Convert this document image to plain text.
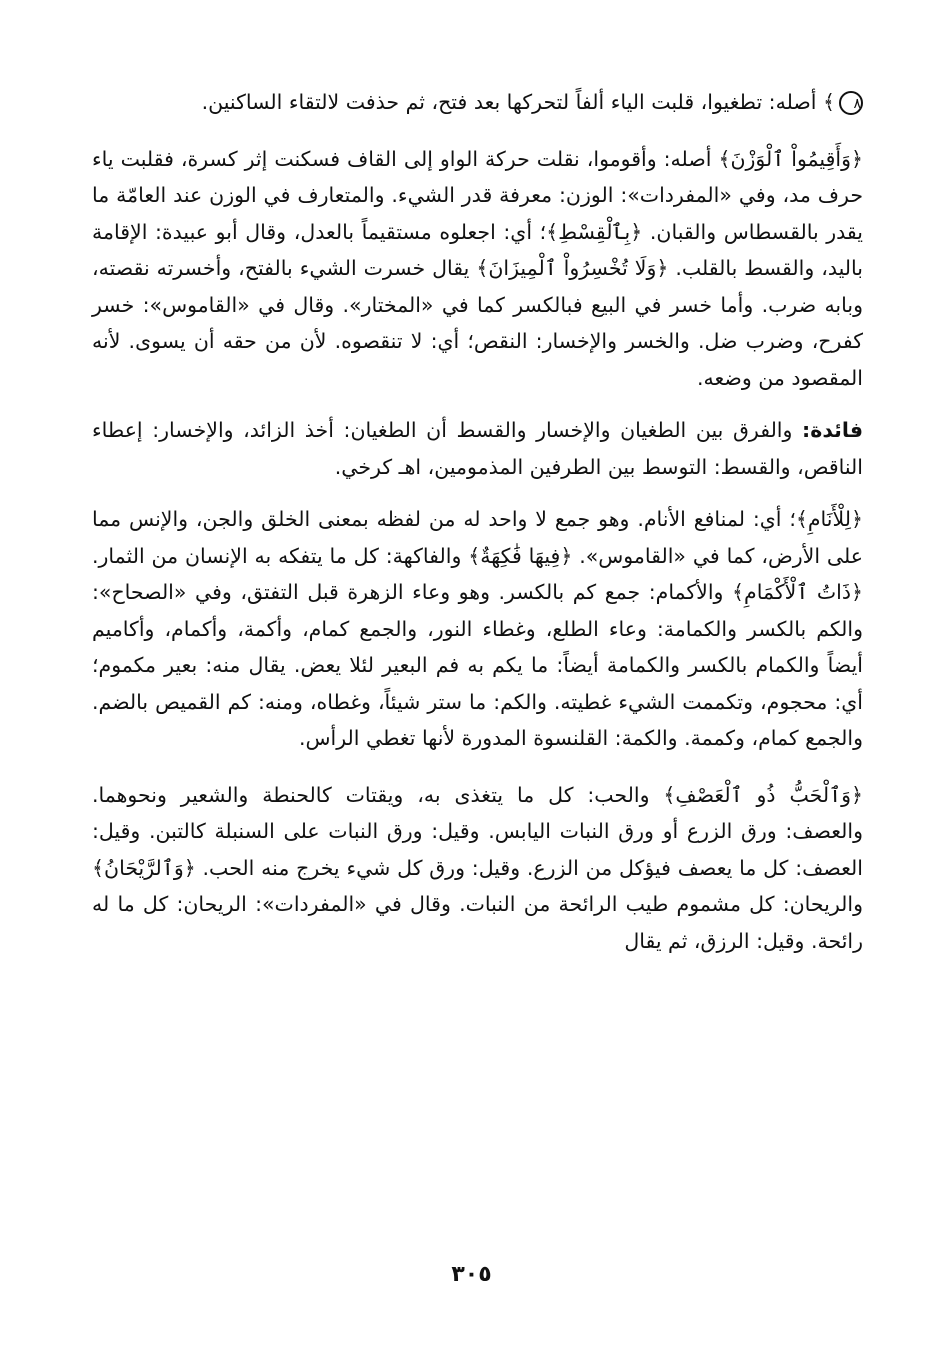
٨﴾ أصله: تطغيوا، قلبت الياء ألفاً لتحركها بعد فتح، ثم حذفت لالتقاء الساكنين.

﴿وَأَقِيمُواْ ٱلْوَزْنَ﴾ أصله: وأقوموا، نقلت حركة الواو إلى القاف فسكنت إثر كسرة، فقلبت ياء حرف مد، وفي «المفردات»: الوزن: معرفة قدر الشيء. والمتعارف في الوزن عند العامّة ما يقدر بالقسطاس والقبان. ﴿بِٱلْقِسْطِ﴾؛ أي: اجعلوه مستقيماً بالعدل، وقال أبو عبيدة: الإقامة باليد، والقسط بالقلب. ﴿وَلَا تُخْسِرُواْ ٱلْمِيزَانَ﴾ يقال خسرت الشيء بالفتح، وأخسرته نقصته، وبابه ضرب. وأما خسر في البيع فبالكسر كما في «المختار». وقال في «القاموس»: خسر كفرح، وضرب ضل. والخسر والإخسار: النقص؛ أي: لا تنقصوه. لأن من حقه أن يسوى. لأنه المقصود من وضعه.

فائدة: والفرق بين الطغيان والإخسار والقسط أن الطغيان: أخذ الزائد، والإخسار: إعطاء الناقص، والقسط: التوسط بين الطرفين المذمومين، اهـ كرخي.

﴿لِلْأَنَامِ﴾؛ أي: لمنافع الأنام. وهو جمع لا واحد له من لفظه بمعنى الخلق والجن، والإنس مما على الأرض، كما في «القاموس». ﴿فِيهَا فَٰكِهَةٌ﴾ والفاكهة: كل ما يتفكه به الإنسان من الثمار. ﴿ذَاتُ ٱلْأَكْمَامِ﴾ والأكمام: جمع كم بالكسر. وهو وعاء الزهرة قبل التفتق، وفي «الصحاح»: والكم بالكسر والكمامة: وعاء الطلع، وغطاء النور، والجمع كمام، وأكمة، وأكمام، وأكاميم أيضاً والكمام بالكسر والكمامة أيضاً: ما يكم به فم البعير لئلا يعض. يقال منه: بعير مكموم؛ أي: محجوم، وتكممت الشيء غطيته. والكم: ما ستر شيئاً، وغطاه، ومنه: كم القميص بالضم. والجمع كمام، وكممة. والكمة: القلنسوة المدورة لأنها تغطي الرأس.

﴿وَٱلْحَبُّ ذُو ٱلْعَصْفِ﴾ والحب: كل ما يتغذى به، ويقتات كالحنطة والشعير ونحوهما. والعصف: ورق الزرع أو ورق النبات اليابس. وقيل: ورق النبات على السنبلة كالتبن. وقيل: العصف: كل ما يعصف فيؤكل من الزرع. وقيل: ورق كل شيء يخرج منه الحب. ﴿وَٱلرَّيْحَانُ﴾ والريحان: كل مشموم طيب الرائحة من النبات. وقال في «المفردات»: الريحان: كل ما له رائحة. وقيل: الرزق، ثم يقال

٣٠٥
